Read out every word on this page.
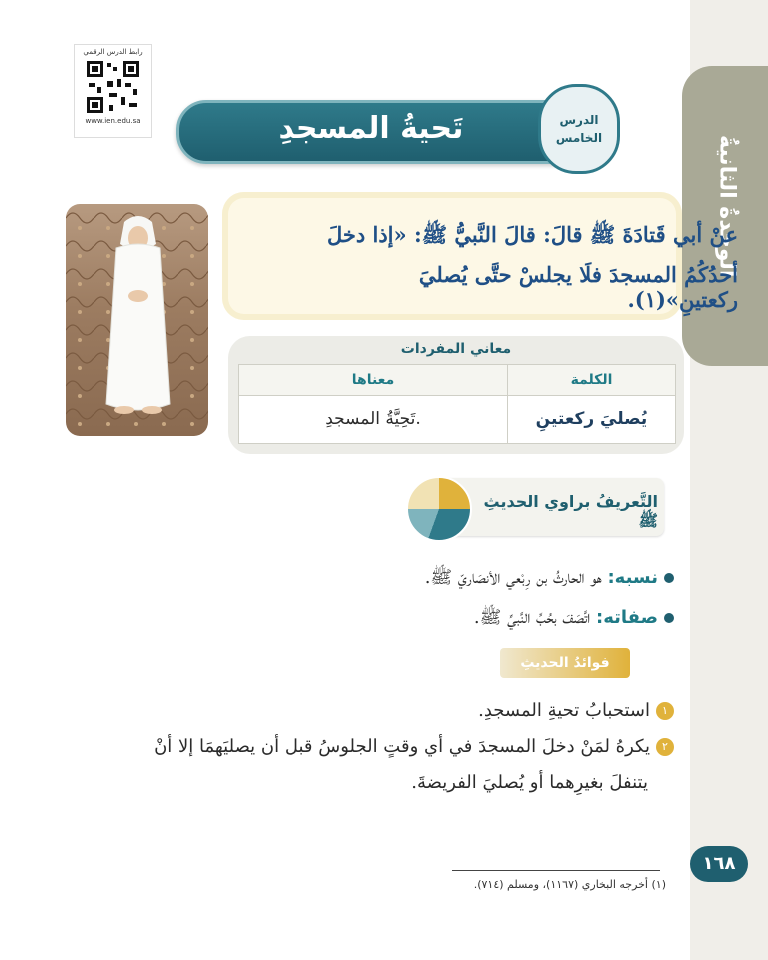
الوحدةُ الثانيةُ
رابط الدرس الرقمي
www.ien.edu.sa	تَحيةُ المسجدِ	الدرس
الخامس
عنْ أبي قَتادَةَ ﷺ قالَ: قالَ النَّبيُّ ﷺ: «إذا دخلَ
أحدُكُمُ المسجدَ فلَا يجلسْ حتَّى يُصليَ ركعتينِ»(١).
معاني المفردات
الكلمة
معناها
يُصليَ ركعتينِ
تَحِيَّةُ المسجدِ.
التَّعريفُ براوي الحديثِ ﷺ
نسبه: هو الحارثُ بن رِبْعي الأنصَاريّ ﷺ.
صفاته: اتَّصَفَ بحُبِّ النَّبيِّ ﷺ.
فوائدُ الحديثِ
١استحبابُ تحيةِ المسجدِ.
٢يكرهُ لمَنْ دخلَ المسجدَ في أي وقتٍ الجلوسُ قبل أن يصليَهمَا إلا أنْ
يتنفلَ بغيرِهما أو يُصليَ الفريضةَ.
١٦٨
(١) أخرجه البخاري (١١٦٧)، ومسلم (٧١٤).
